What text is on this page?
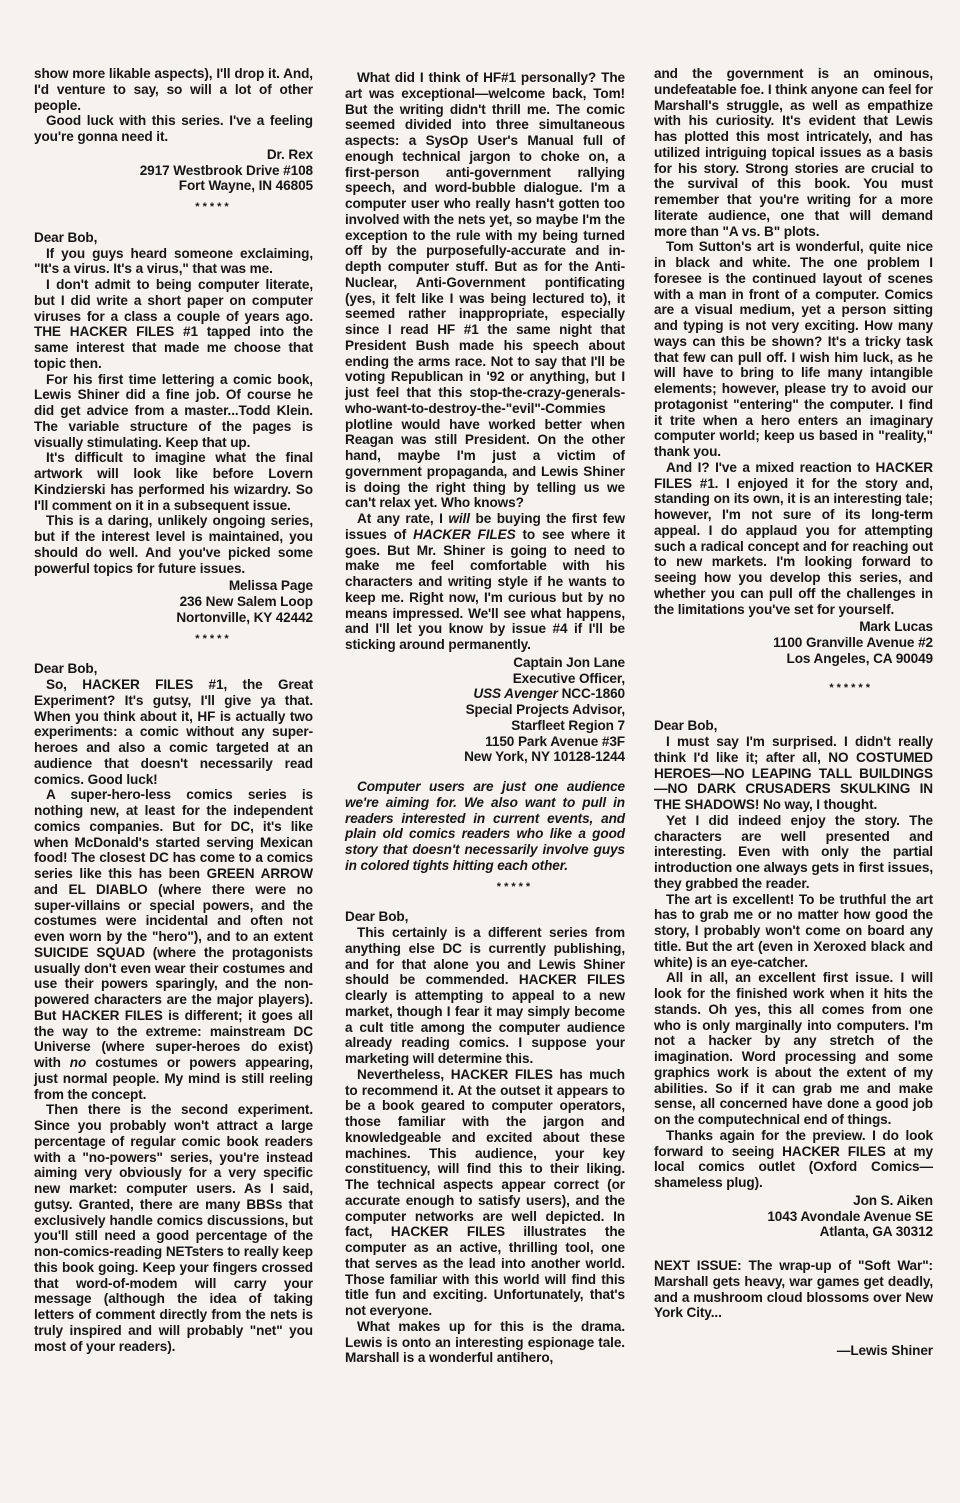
show more likable aspects), I'll drop it. And, I'd venture to say, so will a lot of other people.

Good luck with this series. I've a feeling you're gonna need it.

Dr. Rex
2917 Westbrook Drive #108
Fort Wayne, IN 46805
*****

Dear Bob,

If you guys heard someone exclaiming, "It's a virus. It's a virus," that was me.

I don't admit to being computer literate, but I did write a short paper on computer viruses for a class a couple of years ago. THE HACKER FILES #1 tapped into the same interest that made me choose that topic then.

For his first time lettering a comic book, Lewis Shiner did a fine job. Of course he did get advice from a master...Todd Klein. The variable structure of the pages is visually stimulating. Keep that up.

It's difficult to imagine what the final artwork will look like before Lovern Kindzierski has performed his wizardry. So I'll comment on it in a subsequent issue.

This is a daring, unlikely ongoing series, but if the interest level is maintained, you should do well. And you've picked some powerful topics for future issues.

Melissa Page
236 New Salem Loop
Nortonville, KY 42442
*****

Dear Bob,

So, HACKER FILES #1, the Great Experiment? It's gutsy, I'll give ya that. When you think about it, HF is actually two experiments: a comic without any super-heroes and also a comic targeted at an audience that doesn't necessarily read comics. Good luck!

A super-hero-less comics series is nothing new, at least for the independent comics companies. But for DC, it's like when McDonald's started serving Mexican food! The closest DC has come to a comics series like this has been GREEN ARROW and EL DIABLO (where there were no super-villains or special powers, and the costumes were incidental and often not even worn by the "hero"), and to an extent SUICIDE SQUAD (where the protagonists usually don't even wear their costumes and use their powers sparingly, and the non-powered characters are the major players). But HACKER FILES is different; it goes all the way to the extreme: mainstream DC Universe (where super-heroes do exist) with no costumes or powers appearing, just normal people. My mind is still reeling from the concept.

Then there is the second experiment. Since you probably won't attract a large percentage of regular comic book readers with a "no-powers" series, you're instead aiming very obviously for a very specific new market: computer users. As I said, gutsy. Granted, there are many BBSs that exclusively handle comics discussions, but you'll still need a good percentage of the non-comics-reading NETsters to really keep this book going. Keep your fingers crossed that word-of-modem will carry your message (although the idea of taking letters of comment directly from the nets is truly inspired and will probably "net" you most of your readers).

What did I think of HF#1 personally? The art was exceptional—welcome back, Tom! But the writing didn't thrill me. The comic seemed divided into three simultaneous aspects: a SysOp User's Manual full of enough technical jargon to choke on, a first-person anti-government rallying speech, and word-bubble dialogue. I'm a computer user who really hasn't gotten too involved with the nets yet, so maybe I'm the exception to the rule with my being turned off by the purposefully-accurate and in-depth computer stuff. But as for the Anti-Nuclear, Anti-Government pontificating (yes, it felt like I was being lectured to), it seemed rather inappropriate, especially since I read HF #1 the same night that President Bush made his speech about ending the arms race. Not to say that I'll be voting Republican in '92 or anything, but I just feel that this stop-the-crazy-generals-who-want-to-destroy-the-"evil"-Commies plotline would have worked better when Reagan was still President. On the other hand, maybe I'm just a victim of government propaganda, and Lewis Shiner is doing the right thing by telling us we can't relax yet. Who knows?

At any rate, I will be buying the first few issues of HACKER FILES to see where it goes. But Mr. Shiner is going to need to make me feel comfortable with his characters and writing style if he wants to keep me. Right now, I'm curious but by no means impressed. We'll see what happens, and I'll let you know by issue #4 if I'll be sticking around permanently.

Captain Jon Lane
Executive Officer,
USS Avenger NCC-1860
Special Projects Advisor,
Starfleet Region 7
1150 Park Avenue #3F
New York, NY 10128-1244

Computer users are just one audience we're aiming for. We also want to pull in readers interested in current events, and plain old comics readers who like a good story that doesn't necessarily involve guys in colored tights hitting each other.

*****

Dear Bob,

This certainly is a different series from anything else DC is currently publishing, and for that alone you and Lewis Shiner should be commended. HACKER FILES clearly is attempting to appeal to a new market, though I fear it may simply become a cult title among the computer audience already reading comics. I suppose your marketing will determine this.

Nevertheless, HACKER FILES has much to recommend it. At the outset it appears to be a book geared to computer operators, those familiar with the jargon and knowledgeable and excited about these machines. This audience, your key constituency, will find this to their liking. The technical aspects appear correct (or accurate enough to satisfy users), and the computer networks are well depicted. In fact, HACKER FILES illustrates the computer as an active, thrilling tool, one that serves as the lead into another world. Those familiar with this world will find this title fun and exciting. Unfortunately, that's not everyone.

What makes up for this is the drama. Lewis is onto an interesting espionage tale. Marshall is a wonderful antihero,

and the government is an ominous, undefeatable foe. I think anyone can feel for Marshall's struggle, as well as empathize with his curiosity. It's evident that Lewis has plotted this most intricately, and has utilized intriguing topical issues as a basis for his story. Strong stories are crucial to the survival of this book. You must remember that you're writing for a more literate audience, one that will demand more than "A vs. B" plots.

Tom Sutton's art is wonderful, quite nice in black and white. The one problem I foresee is the continued layout of scenes with a man in front of a computer. Comics are a visual medium, yet a person sitting and typing is not very exciting. How many ways can this be shown? It's a tricky task that few can pull off. I wish him luck, as he will have to bring to life many intangible elements; however, please try to avoid our protagonist "entering" the computer. I find it trite when a hero enters an imaginary computer world; keep us based in "reality," thank you.

And I? I've a mixed reaction to HACKER FILES #1. I enjoyed it for the story and, standing on its own, it is an interesting tale; however, I'm not sure of its long-term appeal. I do applaud you for attempting such a radical concept and for reaching out to new markets. I'm looking forward to seeing how you develop this series, and whether you can pull off the challenges in the limitations you've set for yourself.

Mark Lucas
1100 Granville Avenue #2
Los Angeles, CA 90049
******

Dear Bob,

I must say I'm surprised. I didn't really think I'd like it; after all, NO COSTUMED HEROES—NO LEAPING TALL BUILDINGS—NO DARK CRUSADERS SKULKING IN THE SHADOWS! No way, I thought.

Yet I did indeed enjoy the story. The characters are well presented and interesting. Even with only the partial introduction one always gets in first issues, they grabbed the reader.

The art is excellent! To be truthful the art has to grab me or no matter how good the story, I probably won't come on board any title. But the art (even in Xeroxed black and white) is an eye-catcher.

All in all, an excellent first issue. I will look for the finished work when it hits the stands. Oh yes, this all comes from one who is only marginally into computers. I'm not a hacker by any stretch of the imagination. Word processing and some graphics work is about the extent of my abilities. So if it can grab me and make sense, all concerned have done a good job on the computechnical end of things.

Thanks again for the preview. I do look forward to seeing HACKER FILES at my local comics outlet (Oxford Comics—shameless plug).

Jon S. Aiken
1043 Avondale Avenue SE
Atlanta, GA 30312

NEXT ISSUE: The wrap-up of "Soft War": Marshall gets heavy, war games get deadly, and a mushroom cloud blossoms over New York City...

—Lewis Shiner
